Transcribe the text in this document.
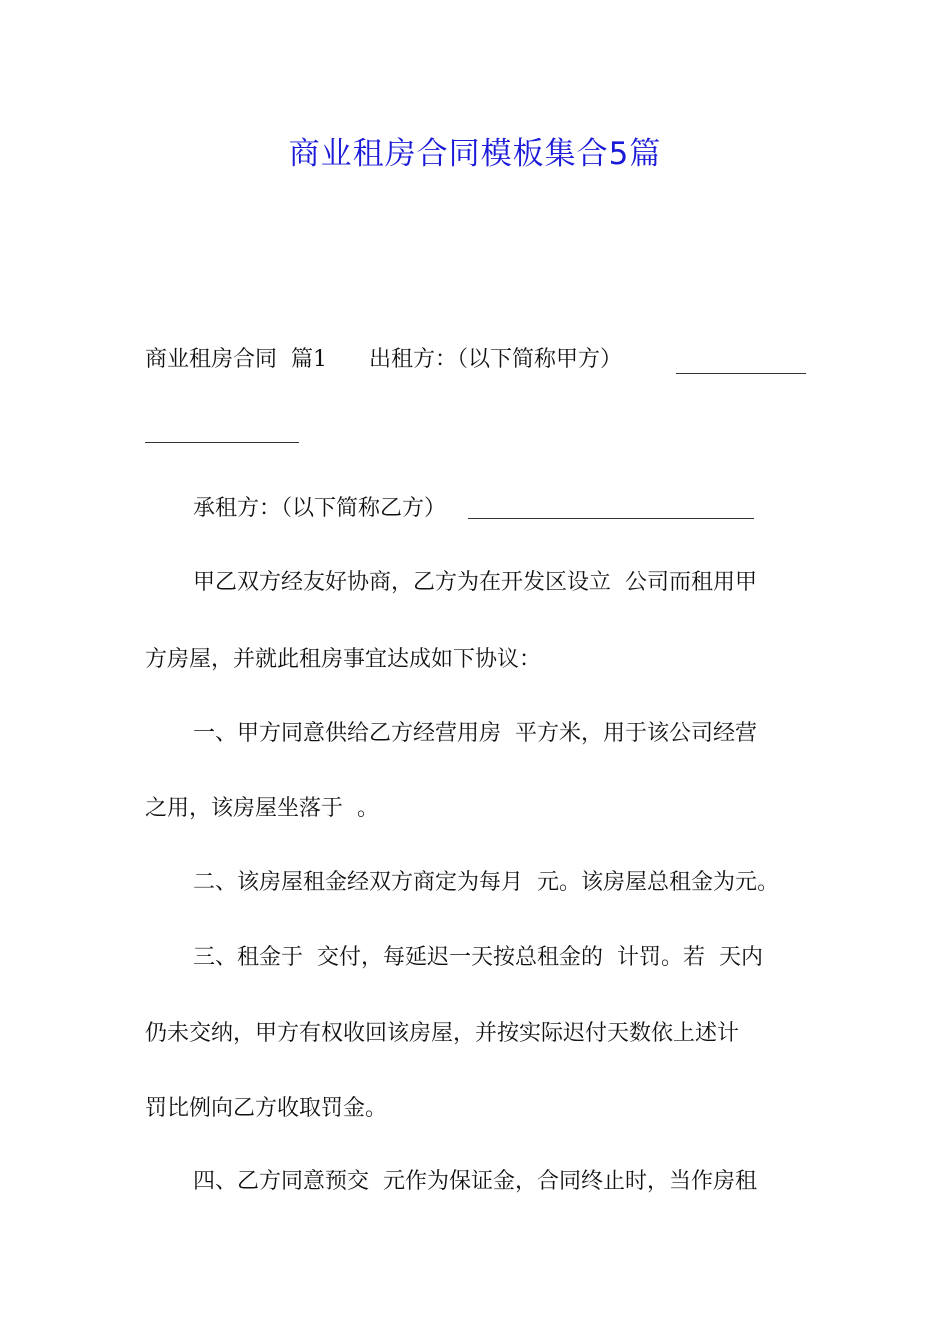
商业租房合同模板集合5篇
商业租房合同  篇1      出租方：（以下简称甲方）
承租方：（以下简称乙方）
甲乙双方经友好协商，乙方为在开发区设立  公司而租用甲
方房屋，并就此租房事宜达成如下协议：
一、甲方同意供给乙方经营用房  平方米，用于该公司经营
之用，该房屋坐落于  。
二、该房屋租金经双方商定为每月  元。该房屋总租金为元。
三、租金于  交付，每延迟一天按总租金的  计罚。若  天内
仍未交纳，甲方有权收回该房屋，并按实际迟付天数依上述计
罚比例向乙方收取罚金。
四、乙方同意预交  元作为保证金，合同终止时，当作房租
